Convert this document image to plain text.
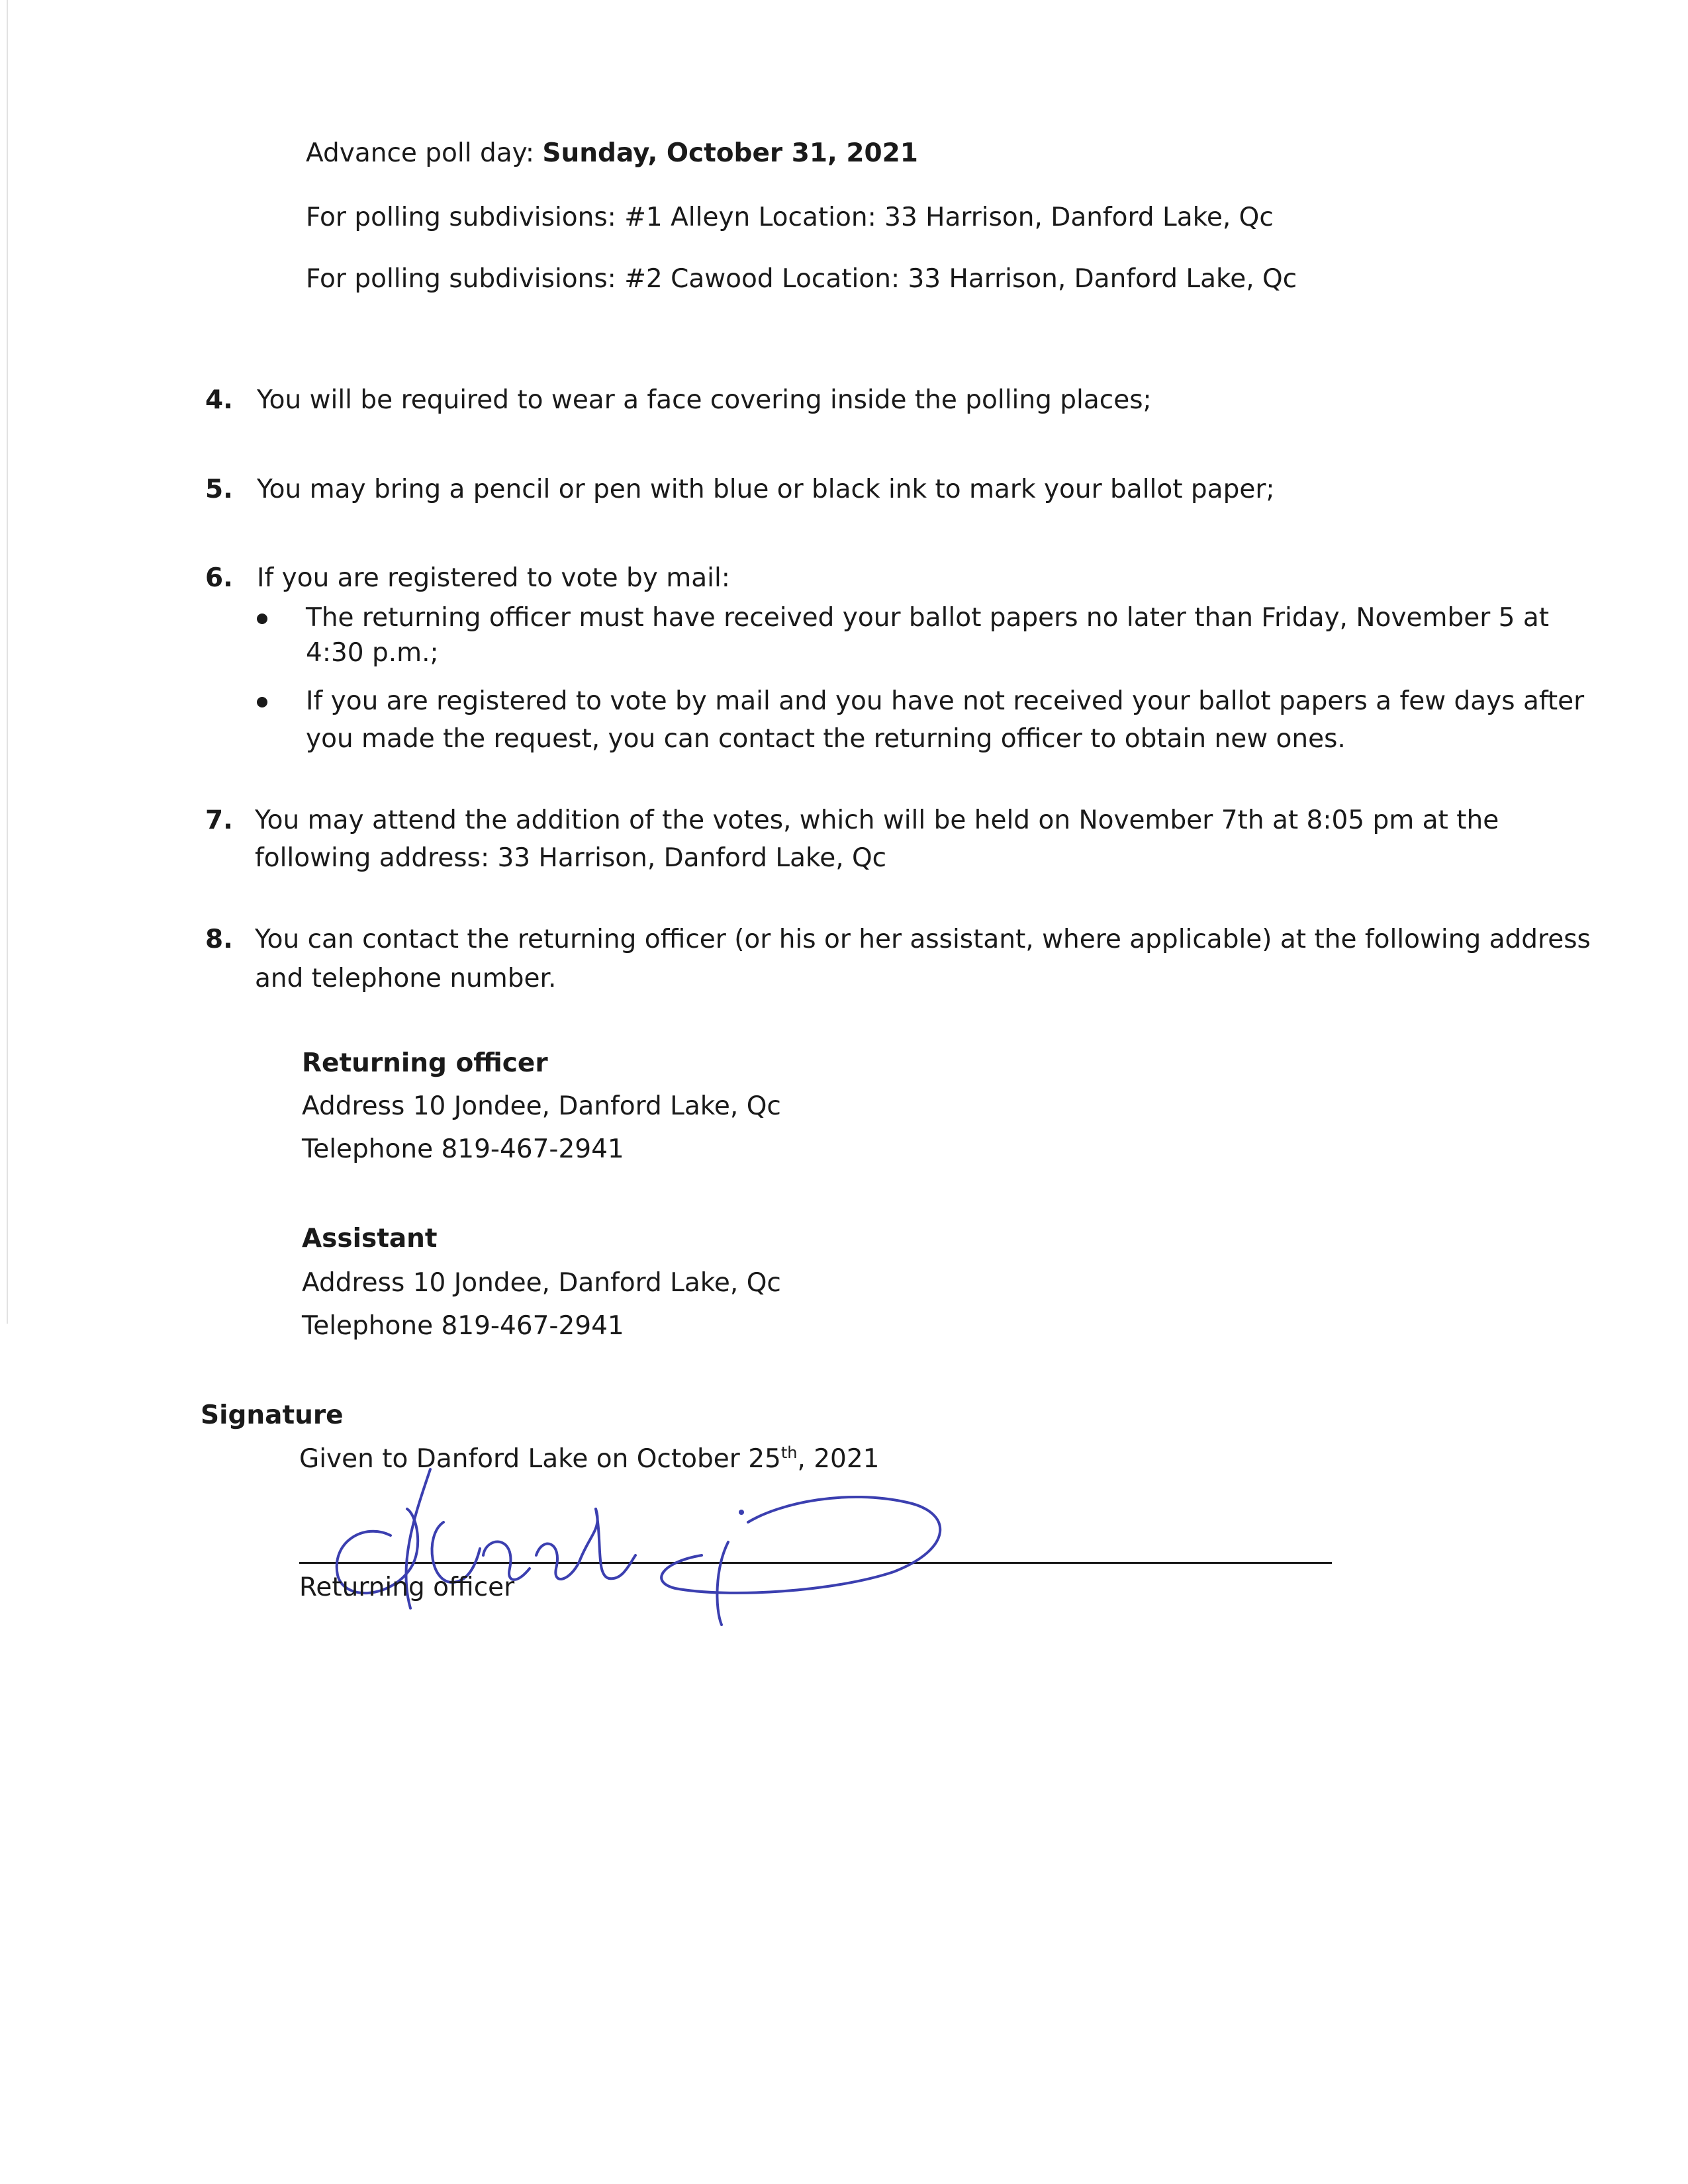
Advance poll day: Sunday, October 31, 2021
For polling subdivisions: #1 Alleyn Location: 33 Harrison, Danford Lake, Qc
For polling subdivisions: #2 Cawood Location: 33 Harrison, Danford Lake, Qc
4. You will be required to wear a face covering inside the polling places;
5. You may bring a pencil or pen with blue or black ink to mark your ballot paper;
6. If you are registered to vote by mail:
The returning officer must have received your ballot papers no later than Friday, November 5 at
4:30 p.m.;
If you are registered to vote by mail and you have not received your ballot papers a few days after
you made the request, you can contact the returning officer to obtain new ones.
7. You may attend the addition of the votes, which will be held on November 7th at 8:05 pm at the
following address: 33 Harrison, Danford Lake, Qc
8. You can contact the returning officer (or his or her assistant, where applicable) at the following address
and telephone number.
Returning officer
Address 10 Jondee, Danford Lake, Qc
Telephone 819-467-2941
Assistant
Address 10 Jondee, Danford Lake, Qc
Telephone 819-467-2941
Signature
Given to Danford Lake on October 25th, 2021
Returning officer
